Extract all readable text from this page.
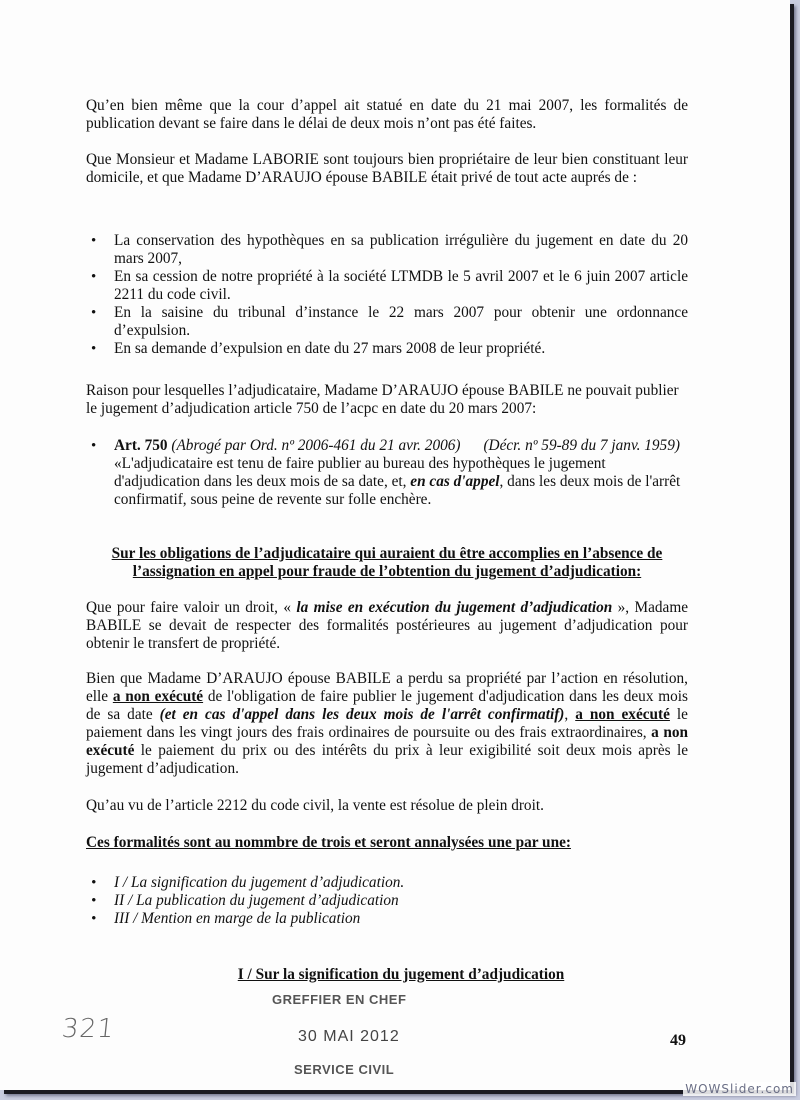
Qu’en bien même que la cour d’appel ait statué en date du 21 mai 2007, les formalités de publication devant se faire dans le délai de deux mois n’ont pas été faites.

Que Monsieur et Madame LABORIE sont toujours bien propriétaire de leur bien constituant leur domicile, et que Madame D’ARAUJO épouse BABILE était privé de tout acte auprés de :

• La conservation des hypothèques en sa publication irrégulière du jugement en date du 20 mars 2007,
• En sa cession de notre propriété à la société LTMDB le 5 avril 2007 et le 6 juin 2007 article 2211 du code civil.
• En la saisine du tribunal d’instance le 22 mars 2007 pour obtenir une ordonnance d’expulsion.
• En sa demande d’expulsion en date du 27 mars 2008 de leur propriété.

Raison pour lesquelles l’adjudicataire, Madame D’ARAUJO épouse BABILE ne pouvait publier le jugement d’adjudication article 750 de l’acpc en date du 20 mars 2007:

• Art. 750 (Abrogé par Ord. nº 2006-461 du 21 avr. 2006) (Décr. nº 59-89 du 7 janv. 1959)   «L'adjudicataire est tenu de faire publier au bureau des hypothèques le jugement d'adjudication dans les deux mois de sa date, et, en cas d'appel, dans les deux mois de l'arrêt confirmatif, sous peine de revente sur folle enchère.

Sur les obligations de l’adjudicataire qui auraient du être accomplies en l’absence de l’assignation en appel pour fraude de l’obtention du jugement d’adjudication:

Que pour faire valoir un droit, « la mise en exécution du jugement d’adjudication », Madame BABILE se devait de respecter des formalités postérieures au jugement d’adjudication pour obtenir le transfert de propriété.

Bien que Madame D’ARAUJO épouse BABILE a perdu sa propriété par l’action en résolution, elle a non exécuté de l'obligation de faire publier le jugement d'adjudication dans les deux mois de sa date (et en cas d'appel dans les deux mois de l'arrêt confirmatif), a non exécuté le paiement dans les vingt jours des frais ordinaires de poursuite ou des frais extraordinaires, a non exécuté le paiement du prix ou des intérêts du prix à leur exigibilité soit deux mois après le jugement d’adjudication.

Qu’au vu de l’article 2212 du code civil, la vente est résolue de plein droit.

Ces formalités sont au nommbre de trois et seront annalysées une par une:

• I / La signification du jugement d’adjudication.
• II / La publication du jugement d’adjudication
• III / Mention en marge de la publication

I / Sur la signification du jugement d’adjudication

GREFFIER EN CHEF
30 MAI 2012
SERVICE CIVIL
321	49
WOWSlider.com
